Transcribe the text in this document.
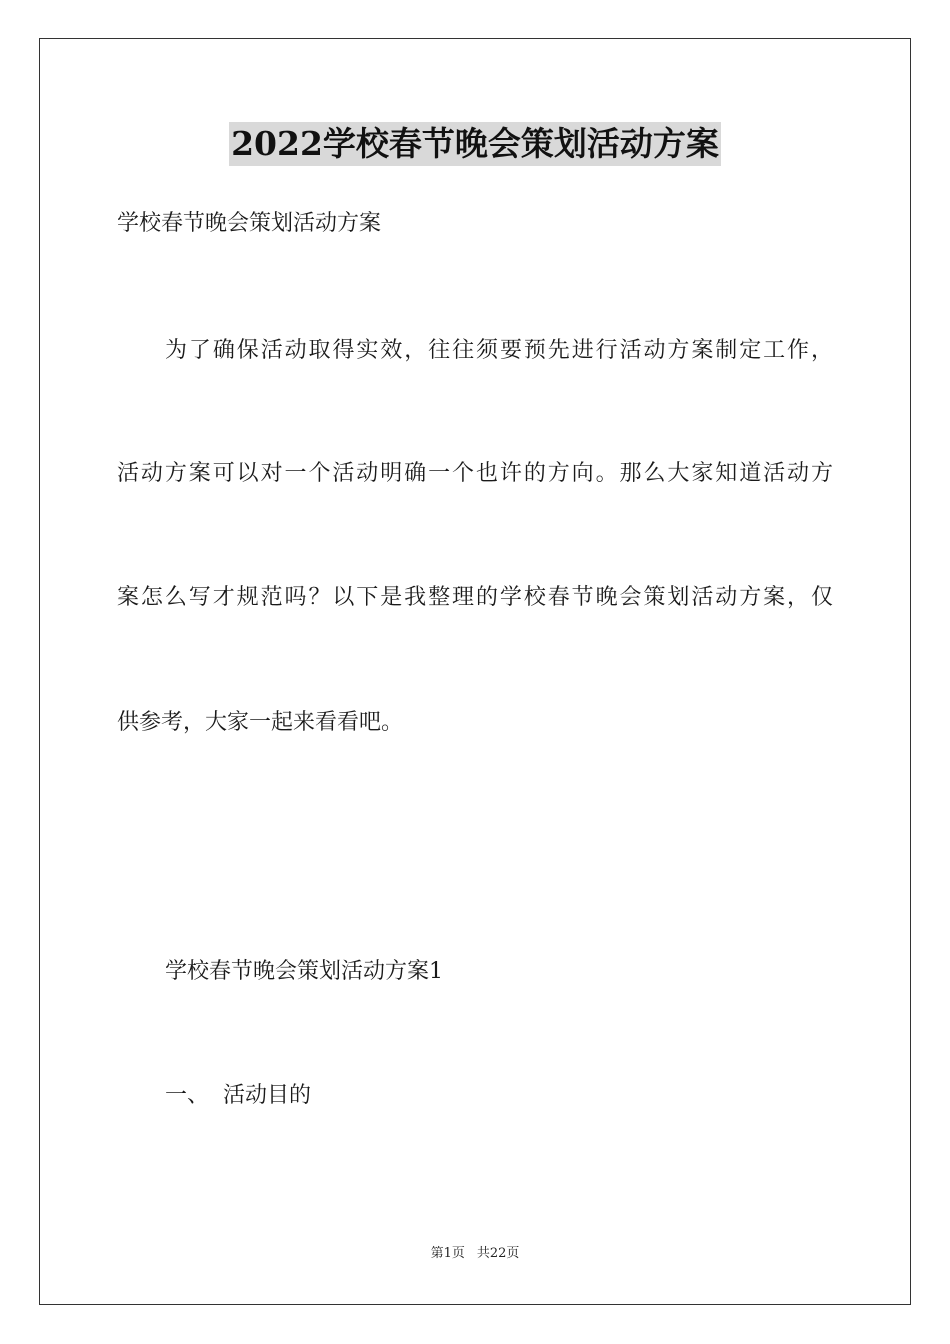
2022学校春节晚会策划活动方案
学校春节晚会策划活动方案
为了确保活动取得实效，往往须要预先进行活动方案制定工作，
活动方案可以对一个活动明确一个也许的方向。那么大家知道活动方
案怎么写才规范吗？以下是我整理的学校春节晚会策划活动方案，仅
供参考，大家一起来看看吧。
学校春节晚会策划活动方案1
一、  活动目的
第1页 共22页
